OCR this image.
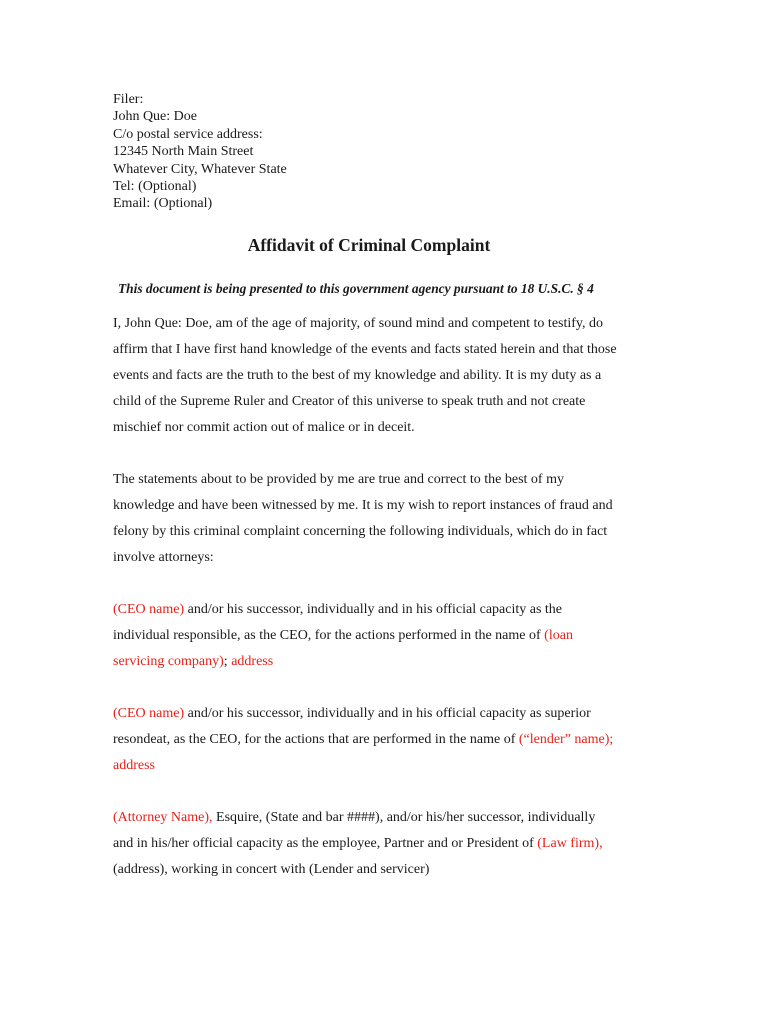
Filer:
John Que: Doe
C/o postal service address:
12345 North Main Street
Whatever City, Whatever State
Tel: (Optional)
Email: (Optional)
Affidavit of Criminal Complaint
This document is being presented to this government agency pursuant to 18 U.S.C. § 4
I, John Que: Doe, am of the age of majority, of sound mind and competent to testify, do
affirm that I have first hand knowledge of the events and facts stated herein and that those
events and facts are the truth to the best of my knowledge and ability. It is my duty as a
child of the Supreme Ruler and Creator of this universe to speak truth and not create
mischief nor commit action out of malice or in deceit.
The statements about to be provided by me are true and correct to the best of my
knowledge and have been witnessed by me. It is my wish to report instances of fraud and
felony by this criminal complaint concerning the following individuals, which do in fact
involve attorneys:
(CEO name) and/or his successor, individually and in his official capacity as the
individual responsible, as the CEO, for the actions performed in the name of (loan
servicing company); address
(CEO name) and/or his successor, individually and in his official capacity as superior
resondeat, as the CEO, for the actions that are performed in the name of (“lender” name);
address
(Attorney Name), Esquire, (State and bar ####), and/or his/her successor, individually
and in his/her official capacity as the employee, Partner and or President of (Law firm),
(address), working in concert with (Lender and servicer)
